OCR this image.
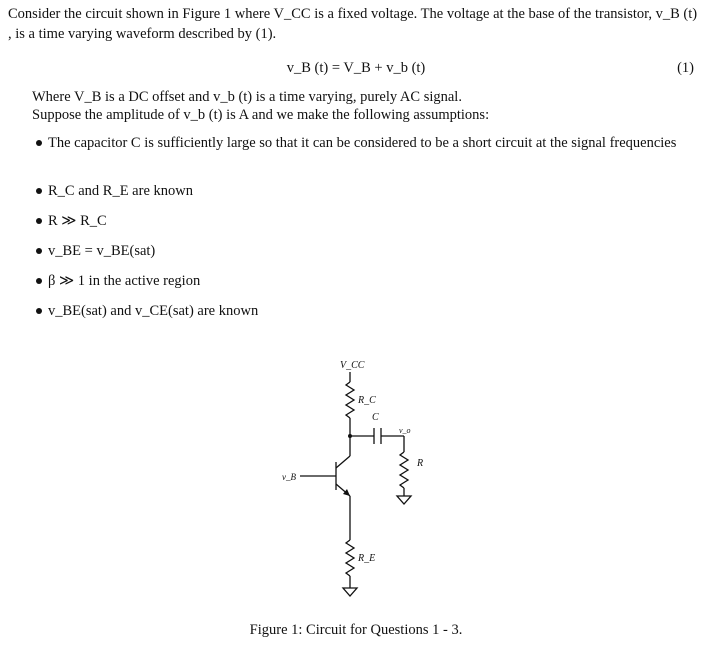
Consider the circuit shown in Figure 1 where V_CC is a fixed voltage. The voltage at the base of the transistor, v_B (t) , is a time varying waveform described by (1).
v_B (t) = V_B + v_b (t)	(1)
Where V_B is a DC offset and v_b (t) is a time varying, purely AC signal.
Suppose the amplitude of v_b (t) is A and we make the following assumptions:
The capacitor C is sufficiently large so that it can be considered to be a short circuit at the signal frequencies
R_C and R_E are known
R ≫ R_C
v_BE = v_BE(sat)
β ≫ 1 in the active region
v_BE(sat) and v_CE(sat) are known
V_CC
R_C
C
v_o
R
v_B
R_E
Figure 1: Circuit for Questions 1 - 3.
